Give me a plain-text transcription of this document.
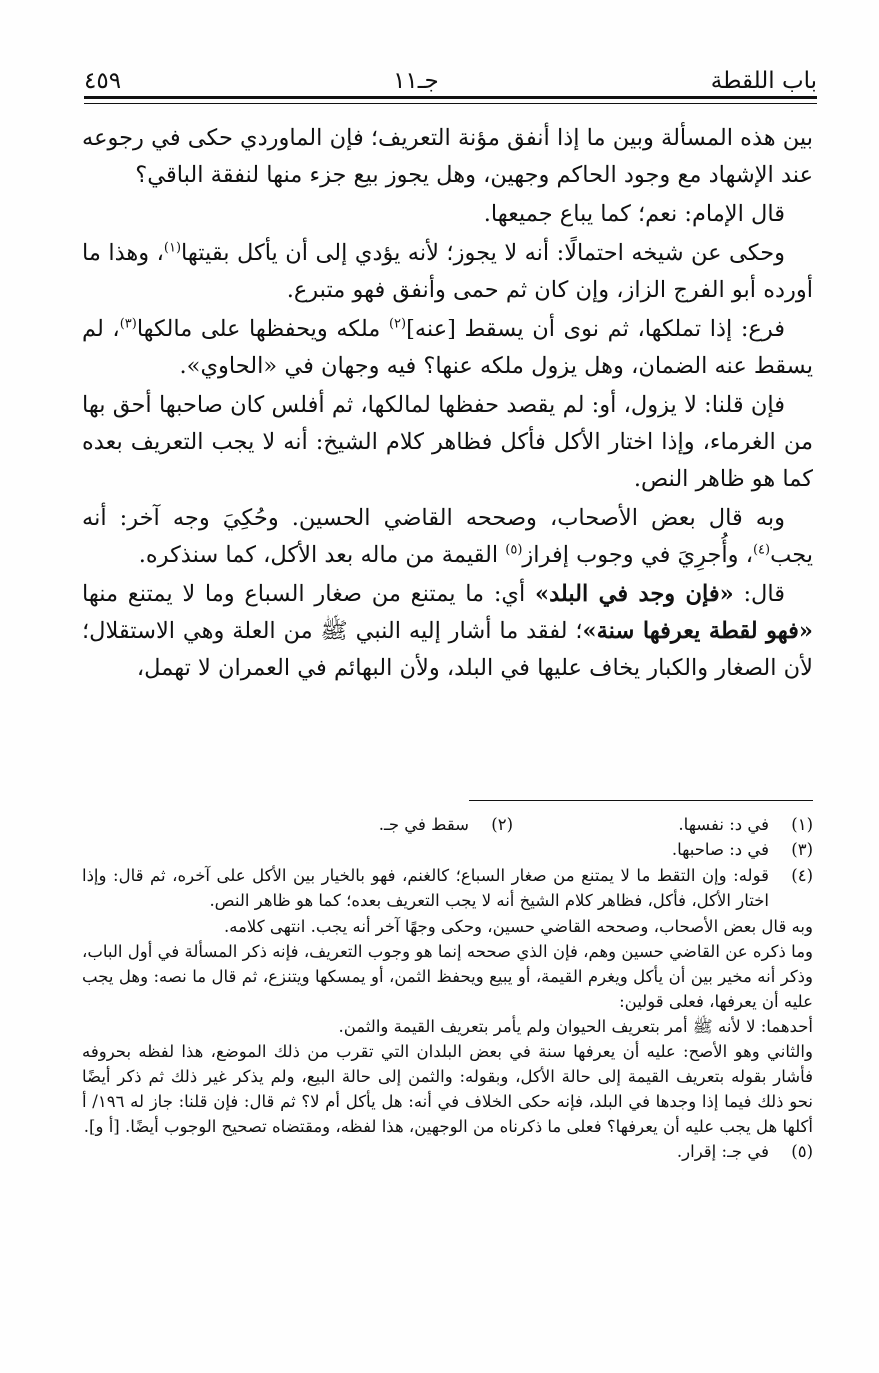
باب اللقطة
جـ١١
٤٥٩

بين هذه المسألة وبين ما إذا أنفق مؤنة التعريف؛ فإن الماوردي حكى في رجوعه عند الإشهاد مع وجود الحاكم وجهين، وهل يجوز بيع جزء منها لنفقة الباقي؟

قال الإمام: نعم؛ كما يباع جميعها.

وحكى عن شيخه احتمالًا: أنه لا يجوز؛ لأنه يؤدي إلى أن يأكل بقيتها$^{(١)}$، وهذا ما أورده أبو الفرج الزاز، وإن كان ثم حمى وأنفق فهو متبرع.

فرع: إذا تملكها، ثم نوى أن يسقط [عنه]$^{(٢)}$ ملكه ويحفظها على مالكها$^{(٣)}$، لم يسقط عنه الضمان، وهل يزول ملكه عنها؟ فيه وجهان في «الحاوي».

فإن قلنا: لا يزول، أو: لم يقصد حفظها لمالكها، ثم أفلس كان صاحبها أحق بها من الغرماء، وإذا اختار الأكل فأكل فظاهر كلام الشيخ: أنه لا يجب التعريف بعده كما هو ظاهر النص.

وبه قال بعض الأصحاب، وصححه القاضي الحسين. وحُكِيَ وجه آخر: أنه يجب$^{(٤)}$، وأُجرِيَ في وجوب إفراز$^{(٥)}$ القيمة من ماله بعد الأكل، كما سنذكره.

قال: «فإن وجد في البلد» أي: ما يمتنع من صغار السباع وما لا يمتنع منها «فهو لقطة يعرفها سنة»؛ لفقد ما أشار إليه النبي ﷺ من العلة وهي الاستقلال؛ لأن الصغار والكبار يخاف عليها في البلد، ولأن البهائم في العمران لا تهمل،

(١)
في د: نفسها.
(٢)
سقط في جـ.
(٣)
في د: صاحبها.
(٤)
قوله: وإن التقط ما لا يمتنع من صغار السباع؛ كالغنم، فهو بالخيار بين الأكل على آخره، ثم قال: وإذا اختار الأكل، فأكل، فظاهر كلام الشيخ أنه لا يجب التعريف بعده؛ كما هو ظاهر النص.
وبه قال بعض الأصحاب، وصححه القاضي حسين، وحكى وجهًا آخر أنه يجب. انتهى كلامه.
وما ذكره عن القاضي حسين وهم، فإن الذي صححه إنما هو وجوب التعريف، فإنه ذكر المسألة في أول الباب، وذكر أنه مخير بين أن يأكل ويغرم القيمة، أو يبيع ويحفظ الثمن، أو يمسكها ويتنزع، ثم قال ما نصه: وهل يجب عليه أن يعرفها، فعلى قولين:
أحدهما: لا لأنه ﷺ أمر بتعريف الحيوان ولم يأمر بتعريف القيمة والثمن.
والثاني وهو الأصح: عليه أن يعرفها سنة في بعض البلدان التي تقرب من ذلك الموضع، هذا لفظه بحروفه فأشار بقوله بتعريف القيمة إلى حالة الأكل، وبقوله: والثمن إلى حالة البيع، ولم يذكر غير ذلك ثم ذكر أيضًا نحو ذلك فيما إذا وجدها في البلد، فإنه حكى الخلاف في أنه: هل يأكل أم لا؟ ثم قال: فإن قلنا: جاز له ١٩٦/ أ أكلها هل يجب عليه أن يعرفها؟ فعلى ما ذكرناه من الوجهين، هذا لفظه، ومقتضاه تصحيح الوجوب أيضًا. [أ و].
(٥)
في جـ: إقرار.
